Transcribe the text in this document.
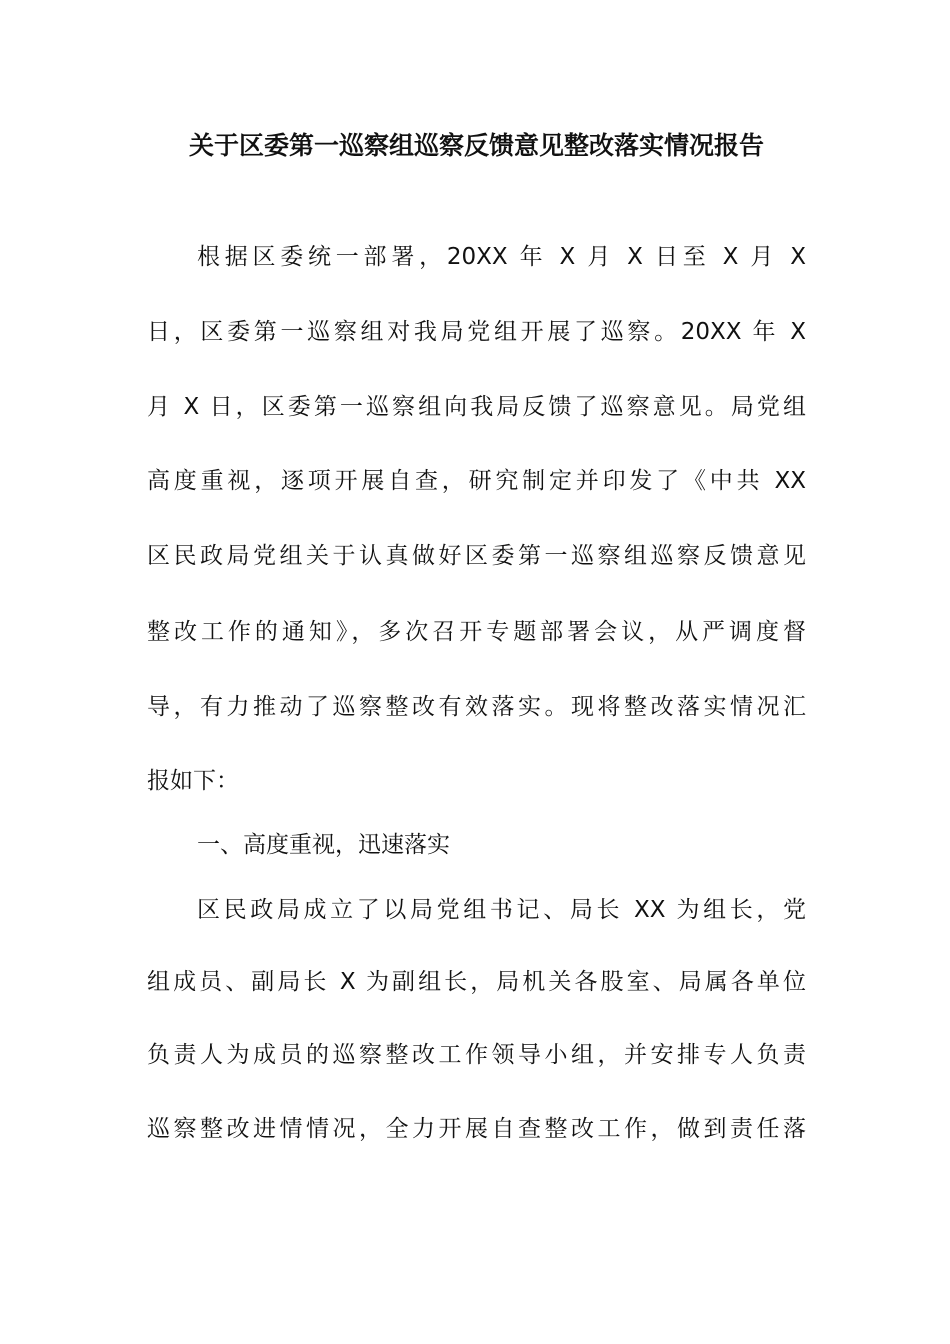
关于区委第一巡察组巡察反馈意见整改落实情况报告
根据区委统一部署，20XX 年 X 月 X 日至 X 月 X
日，区委第一巡察组对我局党组开展了巡察。20XX 年 X
月 X 日，区委第一巡察组向我局反馈了巡察意见。局党组
高度重视，逐项开展自查，研究制定并印发了《中共 XX
区民政局党组关于认真做好区委第一巡察组巡察反馈意见
整改工作的通知》，多次召开专题部署会议，从严调度督
导，有力推动了巡察整改有效落实。现将整改落实情况汇
报如下：
一、高度重视，迅速落实
区民政局成立了以局党组书记、局长 XX 为组长，党
组成员、副局长 X 为副组长，局机关各股室、局属各单位
负责人为成员的巡察整改工作领导小组，并安排专人负责
巡察整改进情情况，全力开展自查整改工作，做到责任落
